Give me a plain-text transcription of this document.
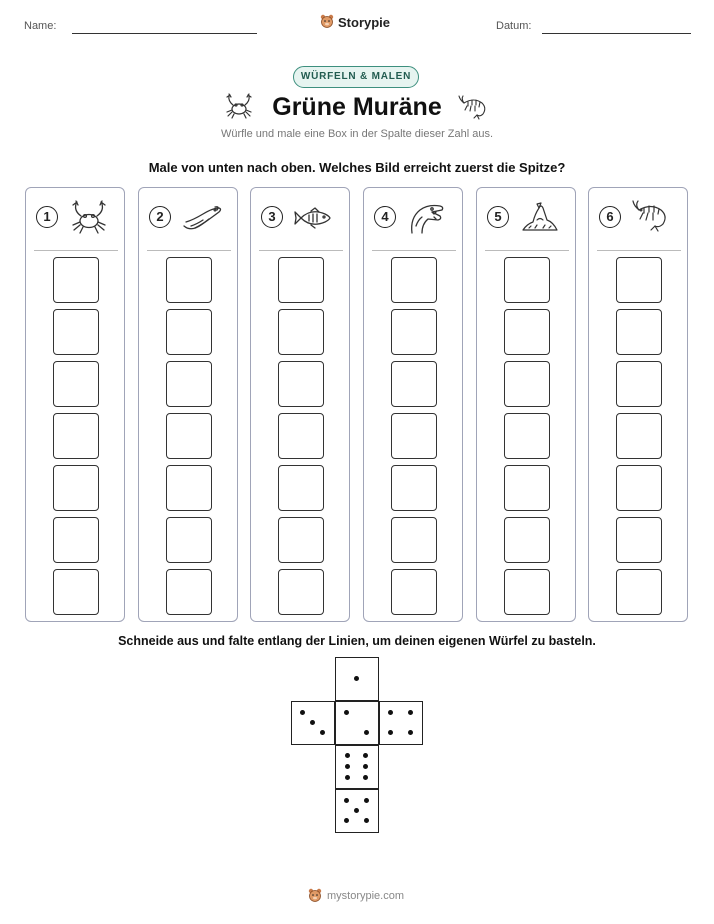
Name:	Storypie	Datum:
WÜRFELN & MALEN
Grüne Muräne
Würfle und male eine Box in der Spalte dieser Zahl aus.
Male von unten nach oben. Welches Bild erreicht zuerst die Spitze?
1	2	3	4	5	6
Schneide aus und falte entlang der Linien, um deinen eigenen Würfel zu basteln.
mystorypie.com
